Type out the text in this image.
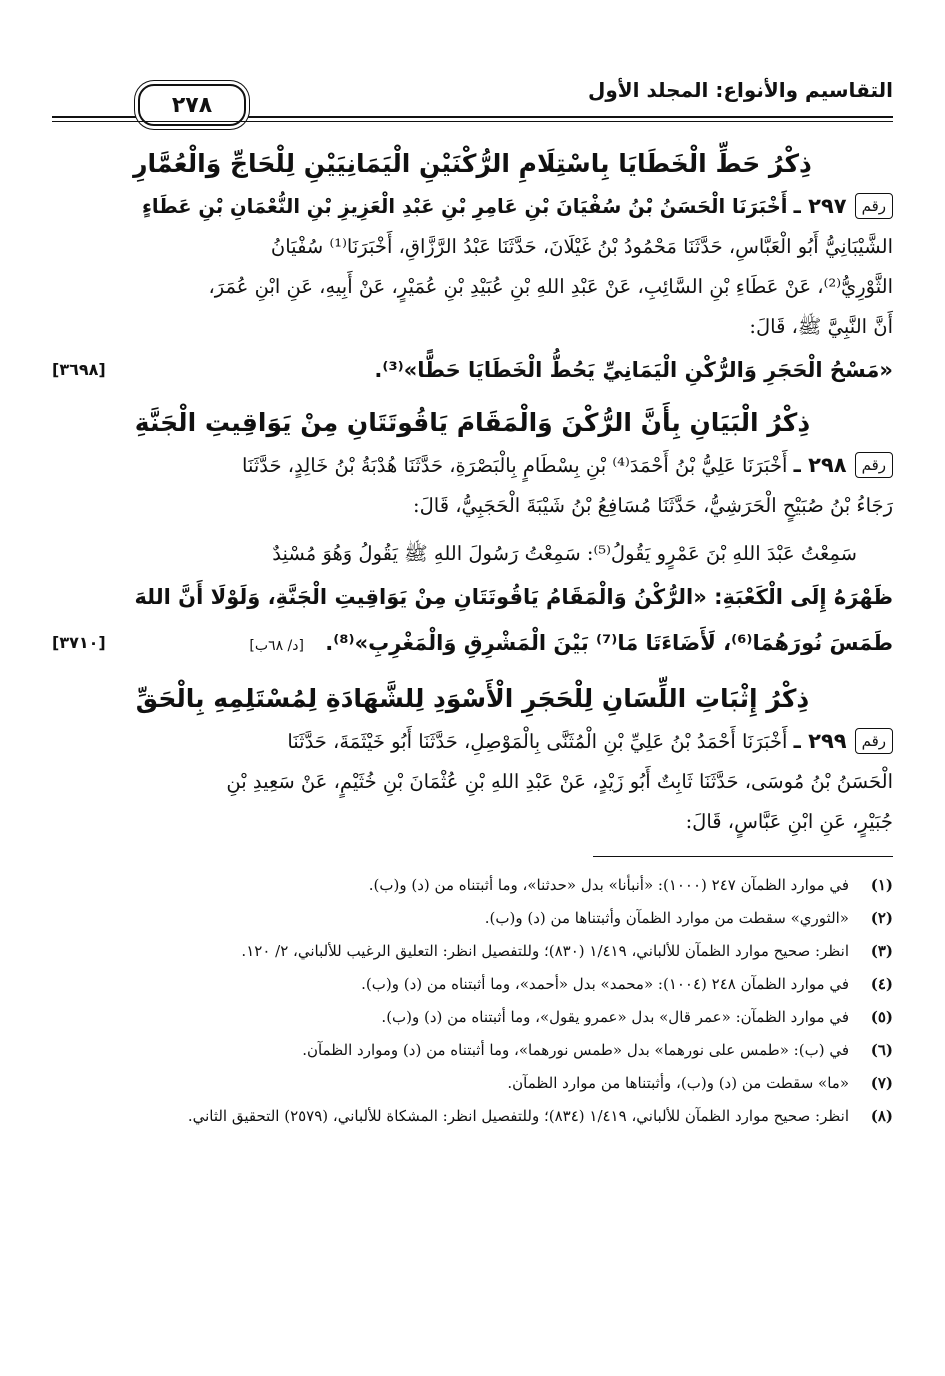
التقاسيم والأنواع: المجلد الأول
٢٧٨
ذِكْرُ حَطِّ الْخَطَايَا بِاسْتِلَامِ الرُّكْنَيْنِ الْيَمَانِيَيْنِ لِلْحَاجِّ وَالْعُمَّارِ

رقم٢٩٧ ـ أَخْبَرَنَا الْحَسَنُ بْنُ سُفْيَانَ بْنِ عَامِرِ بْنِ عَبْدِ الْعَزِيزِ بْنِ النُّعْمَانِ بْنِ عَطَاءٍ

الشَّيْبَانِيُّ أَبُو الْعَبَّاسِ، حَدَّثَنَا مَحْمُودُ بْنُ غَيْلَانَ، حَدَّثَنَا عَبْدُ الرَّزَّاقِ، أَخْبَرَنَا⁽¹⁾ سُفْيَانُ

الثَّوْرِيُّ⁽²⁾، عَنْ عَطَاءِ بْنِ السَّائِبِ، عَنْ عَبْدِ اللهِ بْنِ عُبَيْدِ بْنِ عُمَيْرٍ، عَنْ أَبِيهِ، عَنِ ابْنِ عُمَرَ،

أَنَّ النَّبِيَّ ﷺ، قَالَ:

«مَسْحُ الْحَجَرِ وَالرُّكْنِ الْيَمَانِيِّ يَحُطُّ الْخَطَايَا حَطًّا»⁽³⁾.
[٣٦٩٨]
ذِكْرُ الْبَيَانِ بِأَنَّ الرُّكْنَ وَالْمَقَامَ يَاقُوتَتَانِ مِنْ يَوَاقِيتِ الْجَنَّةِ

رقم٢٩٨ ـ أَخْبَرَنَا عَلِيُّ بْنُ أَحْمَدَ⁽⁴⁾ بْنِ بِسْطَامٍ بِالْبَصْرَةِ، حَدَّثَنَا هُدْبَةُ بْنُ خَالِدٍ، حَدَّثَنَا

رَجَاءُ بْنُ صُبَيْحٍ الْحَرَشِيُّ، حَدَّثَنَا مُسَافِعُ بْنُ شَيْبَةَ الْحَجَبِيُّ، قَالَ:

سَمِعْتُ عَبْدَ اللهِ بْنَ عَمْرٍو يَقُولُ⁽⁵⁾: سَمِعْتُ رَسُولَ اللهِ ﷺ يَقُولُ وَهُوَ مُسْنِدٌ

ظَهْرَهُ إِلَى الْكَعْبَةِ: «الرُّكْنُ وَالْمَقَامُ يَاقُوتَتَانِ مِنْ يَوَاقِيتِ الْجَنَّةِ، وَلَوْلَا أَنَّ اللهَ

طَمَسَ نُورَهُمَا⁽⁶⁾، لَأَضَاءَتَا مَا⁽⁷⁾ بَيْنَ الْمَشْرِقِ وَالْمَغْرِبِ»⁽⁸⁾. [د/ ٦٨ب]
[٣٧١٠]
ذِكْرُ إِثْبَاتِ اللِّسَانِ لِلْحَجَرِ الْأَسْوَدِ لِلشَّهَادَةِ لِمُسْتَلِمِهِ بِالْحَقِّ

رقم٢٩٩ ـ أَخْبَرَنَا أَحْمَدُ بْنُ عَلِيِّ بْنِ الْمُثَنَّى بِالْمَوْصِلِ، حَدَّثَنَا أَبُو خَيْثَمَةَ، حَدَّثَنَا

الْحَسَنُ بْنُ مُوسَى، حَدَّثَنَا ثَابِتٌ أَبُو زَيْدٍ، عَنْ عَبْدِ اللهِ بْنِ عُثْمَانَ بْنِ خُثَيْمٍ، عَنْ سَعِيدِ بْنِ

جُبَيْرٍ، عَنِ ابْنِ عَبَّاسٍ، قَالَ:

(١)
في موارد الظمآن ٢٤٧ (١٠٠٠): «أنبأنا» بدل «حدثنا»، وما أثبتناه من (د) و(ب).

(٢)
«الثوري» سقطت من موارد الظمآن وأثبتناها من (د) و(ب).

(٣)
انظر: صحيح موارد الظمآن للألباني، ١/٤١٩ (٨٣٠)؛ وللتفصيل انظر: التعليق الرغيب للألباني، ٢/ ١٢٠.

(٤)
في موارد الظمآن ٢٤٨ (١٠٠٤): «محمد» بدل «أحمد»، وما أثبتناه من (د) و(ب).

(٥)
في موارد الظمآن: «عمر قال» بدل «عمرو يقول»، وما أثبتناه من (د) و(ب).

(٦)
في (ب): «طمس على نورهما» بدل «طمس نورهما»، وما أثبتناه من (د) وموارد الظمآن.

(٧)
«ما» سقطت من (د) و(ب)، وأثبتناها من موارد الظمآن.

(٨)
انظر: صحيح موارد الظمآن للألباني، ١/٤١٩ (٨٣٤)؛ وللتفصيل انظر: المشكاة للألباني، (٢٥٧٩) التحقيق الثاني.
